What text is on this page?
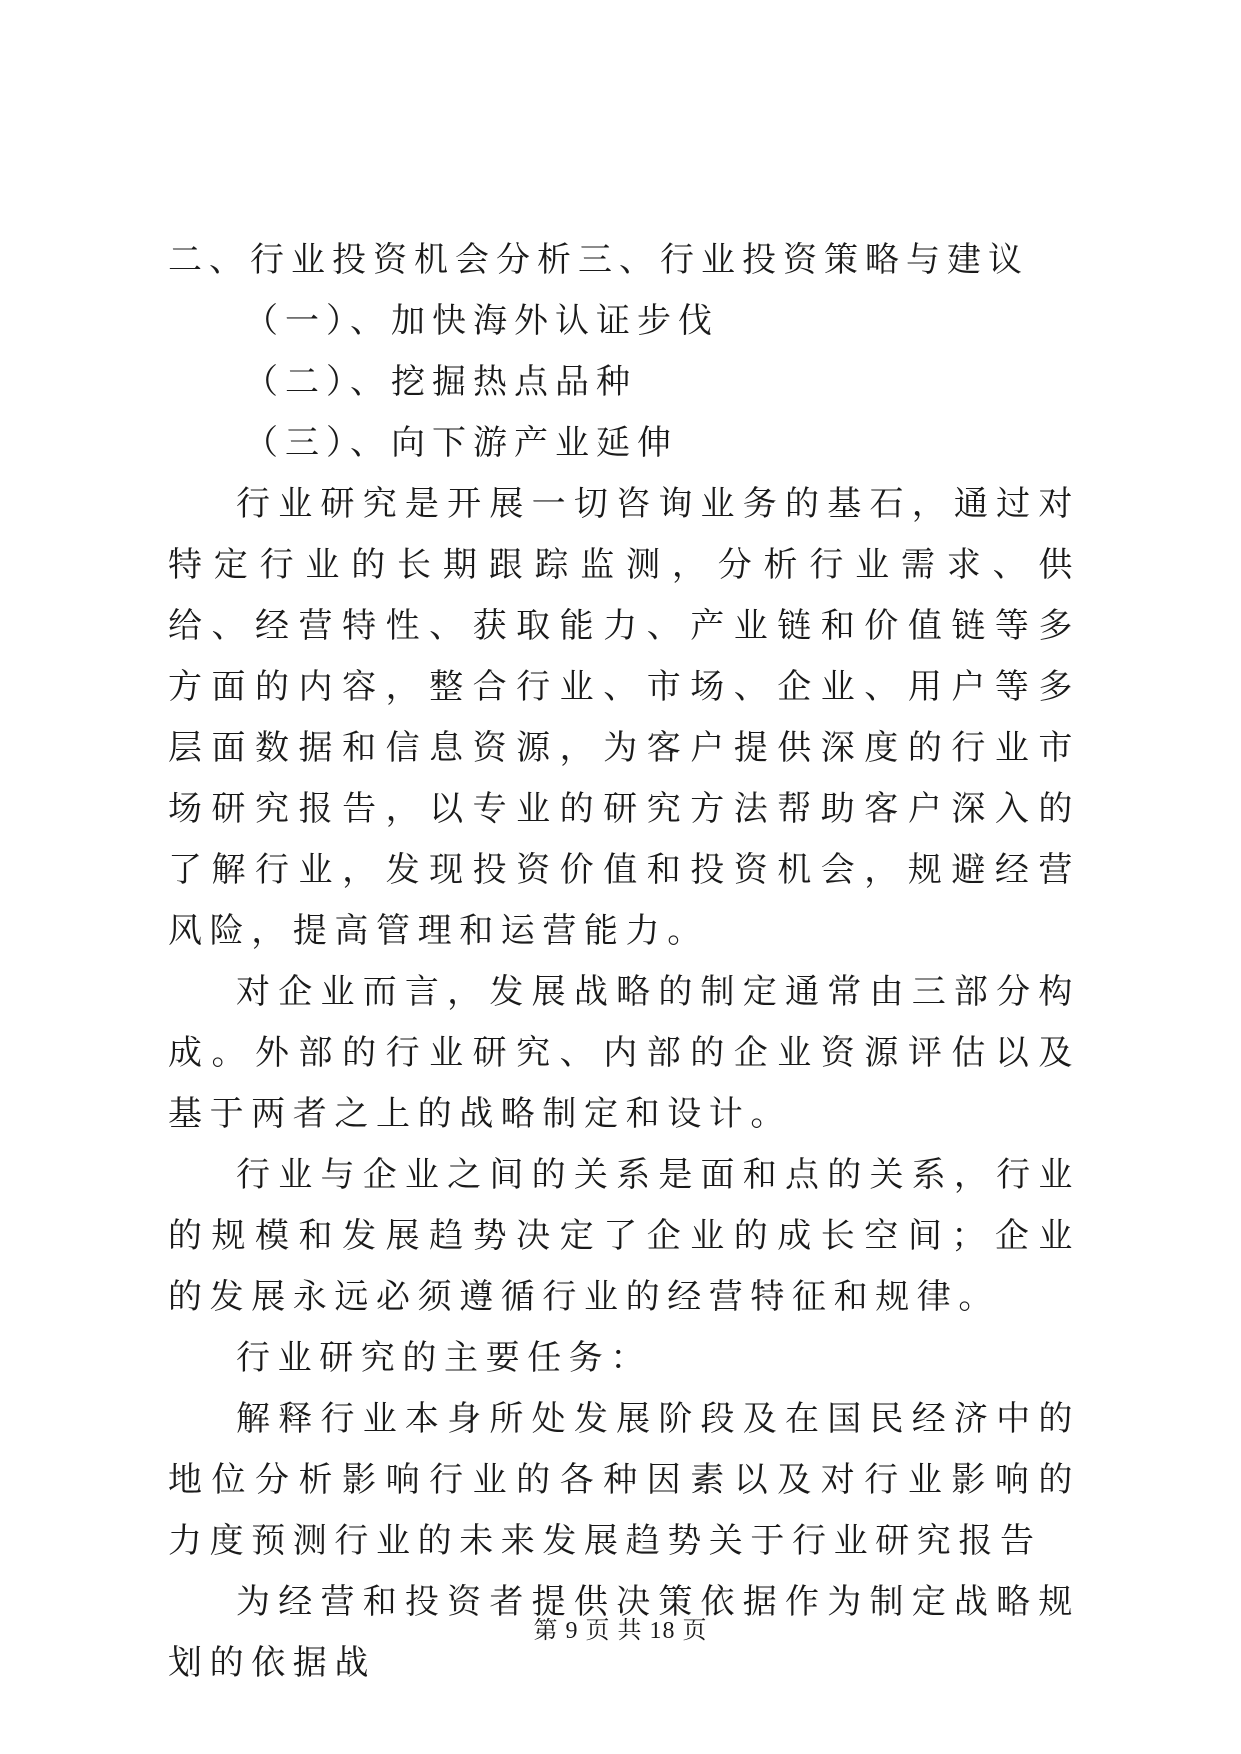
二、行业投资机会分析三、行业投资策略与建议
（一）、加快海外认证步伐
（二）、挖掘热点品种
（三）、向下游产业延伸

行业研究是开展一切咨询业务的基石，通过对特定行业的长期跟踪监测，分析行业需求、供给、经营特性、获取能力、产业链和价值链等多方面的内容，整合行业、市场、企业、用户等多层面数据和信息资源，为客户提供深度的行业市场研究报告，以专业的研究方法帮助客户深入的了解行业，发现投资价值和投资机会，规避经营风险，提高管理和运营能力。

对企业而言，发展战略的制定通常由三部分构成。外部的行业研究、内部的企业资源评估以及基于两者之上的战略制定和设计。

行业与企业之间的关系是面和点的关系，行业的规模和发展趋势决定了企业的成长空间；企业的发展永远必须遵循行业的经营特征和规律。

行业研究的主要任务：

解释行业本身所处发展阶段及在国民经济中的地位分析影响行业的各种因素以及对行业影响的力度预测行业的未来发展趋势关于行业研究报告

为经营和投资者提供决策依据作为制定战略规划的依据战

第 9 页 共 18 页
